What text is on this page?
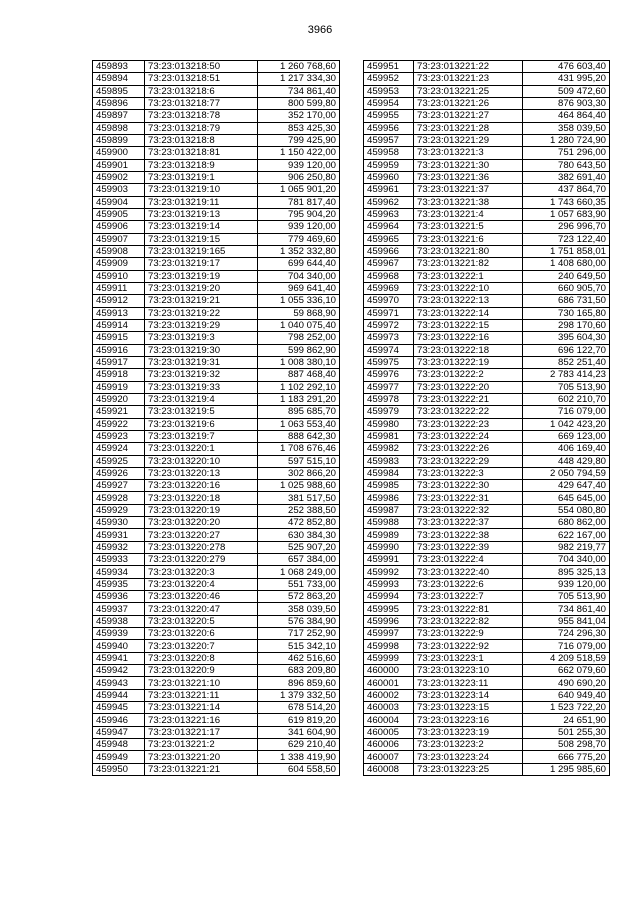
3966
459893	73:23:013218:50	1 260 768,60
459894	73:23:013218:51	1 217 334,30
459895	73:23:013218:6	734 861,40
459896	73:23:013218:77	800 599,80
459897	73:23:013218:78	352 170,00
459898	73:23:013218:79	853 425,30
459899	73:23:013218:8	799 425,90
459900	73:23:013218:81	1 150 422,00
459901	73:23:013218:9	939 120,00
459902	73:23:013219:1	906 250,80
459903	73:23:013219:10	1 065 901,20
459904	73:23:013219:11	781 817,40
459905	73:23:013219:13	795 904,20
459906	73:23:013219:14	939 120,00
459907	73:23:013219:15	779 469,60
459908	73:23:013219:165	1 352 332,80
459909	73:23:013219:17	699 644,40
459910	73:23:013219:19	704 340,00
459911	73:23:013219:20	969 641,40
459912	73:23:013219:21	1 055 336,10
459913	73:23:013219:22	59 868,90
459914	73:23:013219:29	1 040 075,40
459915	73:23:013219:3	798 252,00
459916	73:23:013219:30	599 862,90
459917	73:23:013219:31	1 008 380,10
459918	73:23:013219:32	887 468,40
459919	73:23:013219:33	1 102 292,10
459920	73:23:013219:4	1 183 291,20
459921	73:23:013219:5	895 685,70
459922	73:23:013219:6	1 063 553,40
459923	73:23:013219:7	888 642,30
459924	73:23:013220:1	1 708 676,46
459925	73:23:013220:10	597 515,10
459926	73:23:013220:13	302 866,20
459927	73:23:013220:16	1 025 988,60
459928	73:23:013220:18	381 517,50
459929	73:23:013220:19	252 388,50
459930	73:23:013220:20	472 852,80
459931	73:23:013220:27	630 384,30
459932	73:23:013220:278	525 907,20
459933	73:23:013220:279	657 384,00
459934	73:23:013220:3	1 068 249,00
459935	73:23:013220:4	551 733,00
459936	73:23:013220:46	572 863,20
459937	73:23:013220:47	358 039,50
459938	73:23:013220:5	576 384,90
459939	73:23:013220:6	717 252,90
459940	73:23:013220:7	515 342,10
459941	73:23:013220:8	462 516,60
459942	73:23:013220:9	683 209,80
459943	73:23:013221:10	896 859,60
459944	73:23:013221:11	1 379 332,50
459945	73:23:013221:14	678 514,20
459946	73:23:013221:16	619 819,20
459947	73:23:013221:17	341 604,90
459948	73:23:013221:2	629 210,40
459949	73:23:013221:20	1 338 419,90
459950	73:23:013221:21	604 558,50
459951	73:23:013221:22	476 603,40
459952	73:23:013221:23	431 995,20
459953	73:23:013221:25	509 472,60
459954	73:23:013221:26	876 903,30
459955	73:23:013221:27	464 864,40
459956	73:23:013221:28	358 039,50
459957	73:23:013221:29	1 280 724,90
459958	73:23:013221:3	751 296,00
459959	73:23:013221:30	780 643,50
459960	73:23:013221:36	382 691,40
459961	73:23:013221:37	437 864,70
459962	73:23:013221:38	1 743 660,35
459963	73:23:013221:4	1 057 683,90
459964	73:23:013221:5	296 996,70
459965	73:23:013221:6	723 122,40
459966	73:23:013221:80	1 751 858,01
459967	73:23:013221:82	1 408 680,00
459968	73:23:013222:1	240 649,50
459969	73:23:013222:10	660 905,70
459970	73:23:013222:13	686 731,50
459971	73:23:013222:14	730 165,80
459972	73:23:013222:15	298 170,60
459973	73:23:013222:16	395 604,30
459974	73:23:013222:18	696 122,70
459975	73:23:013222:19	852 251,40
459976	73:23:013222:2	2 783 414,23
459977	73:23:013222:20	705 513,90
459978	73:23:013222:21	602 210,70
459979	73:23:013222:22	716 079,00
459980	73:23:013222:23	1 042 423,20
459981	73:23:013222:24	669 123,00
459982	73:23:013222:26	406 169,40
459983	73:23:013222:29	448 429,80
459984	73:23:013222:3	2 050 794,59
459985	73:23:013222:30	429 647,40
459986	73:23:013222:31	645 645,00
459987	73:23:013222:32	554 080,80
459988	73:23:013222:37	680 862,00
459989	73:23:013222:38	622 167,00
459990	73:23:013222:39	982 219,77
459991	73:23:013222:4	704 340,00
459992	73:23:013222:40	895 325,13
459993	73:23:013222:6	939 120,00
459994	73:23:013222:7	705 513,90
459995	73:23:013222:81	734 861,40
459996	73:23:013222:82	955 841,04
459997	73:23:013222:9	724 296,30
459998	73:23:013222:92	716 079,00
459999	73:23:013223:1	4 209 518,59
460000	73:23:013223:10	662 079,60
460001	73:23:013223:11	490 690,20
460002	73:23:013223:14	640 949,40
460003	73:23:013223:15	1 523 722,20
460004	73:23:013223:16	24 651,90
460005	73:23:013223:19	501 255,30
460006	73:23:013223:2	508 298,70
460007	73:23:013223:24	666 775,20
460008	73:23:013223:25	1 295 985,60
